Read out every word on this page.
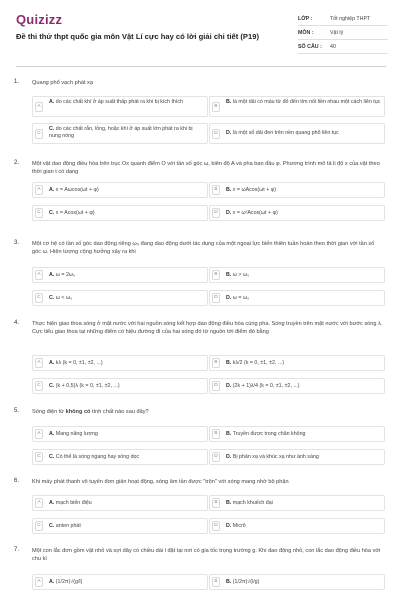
Quizizz
Đề thi thử thpt quốc gia môn Vật Lí cực hay có lời giải chi tiết (P19)
LỚP :	Tốt nghiệp THPT
MÔN :	Vật lý
SỐ CÂU :	40
1. Quang phổ vạch phát xạ
A
A. do các chất khí ở áp suất thấp phát ra khi bị kích thích
B
B. là một dải có màu từ đỏ đến tím nối liền nhau một cách liên tục
C
C. do các chất rắn, lỏng, hoặc khí ở áp suất lớn phát ra khi bị nung nóng	D	D. là một số dải đen trên nền quang phổ liên tục
2. Một vật dao động điều hòa trên trục Ox quanh điểm O với tần số góc ω, biên độ A và pha ban đầu φ. Phương trình mô tả li độ x của vật theo thời gian t có dạng
A	A. x = Aωcos(ωt + φ)	B	B. x = ωAcos(ωt + φ)
C	C. x = Acos(ωt + φ)	D	D. x = ω²Acos(ωt + φ)
3. Một cơ hệ có tần số góc dao động riêng ω₀ đang dao động dưới tác dụng của một ngoại lực biến thiên tuần hoàn theo thời gian với tần số góc ω. Hiện tượng cộng hưởng xảy ra khi
A	A. ω = 2ω₀	B	B. ω > ω₀
C	C. ω < ω₀	D	D. ω = ω₀
4. Thực hiện giao thoa sóng ở mặt nước với hai nguồn sóng kết hợp dao động điều hòa cùng pha. Sóng truyền trên mặt nước với bước sóng λ. Cực tiểu giao thoa tại những điểm có hiệu đường đi của hai sóng đó từ nguồn tới điểm đó bằng
A	A. kλ (k = 0, ±1, ±2, ...)	B	B. kλ/2 (k = 0, ±1, ±2, ...)
C	C. (k + 0,5)λ (k = 0, ±1, ±2, ...)	D	D. (2k + 1)λ/4 (k = 0, ±1, ±2, ...)
5. Sóng điện từ không có tính chất nào sau đây?
A	A. Mang năng lượng	B	B. Truyền được trong chân không
C	C. Có thể là sóng ngang hay sóng dọc	D	D. Bị phản xạ và khúc xạ như ánh sáng
6. Khi máy phát thanh vô tuyến đơn giản hoạt động, sóng âm tần được "trộn" với sóng mang nhờ bộ phận
A	A. mạch biến điệu	B	B. mạch khuếch đại
C	C. anten phát	D	D. Micrô
7. Một con lắc đơn gồm vật nhỏ và sợi dây có chiều dài l đặt tại nơi có gia tốc trọng trường g. Khi dao động nhỏ, con lắc dao động điều hòa với chu kì
A	A. (1/2π)√(g/l)	B	B. (1/2π)√(l/g)
